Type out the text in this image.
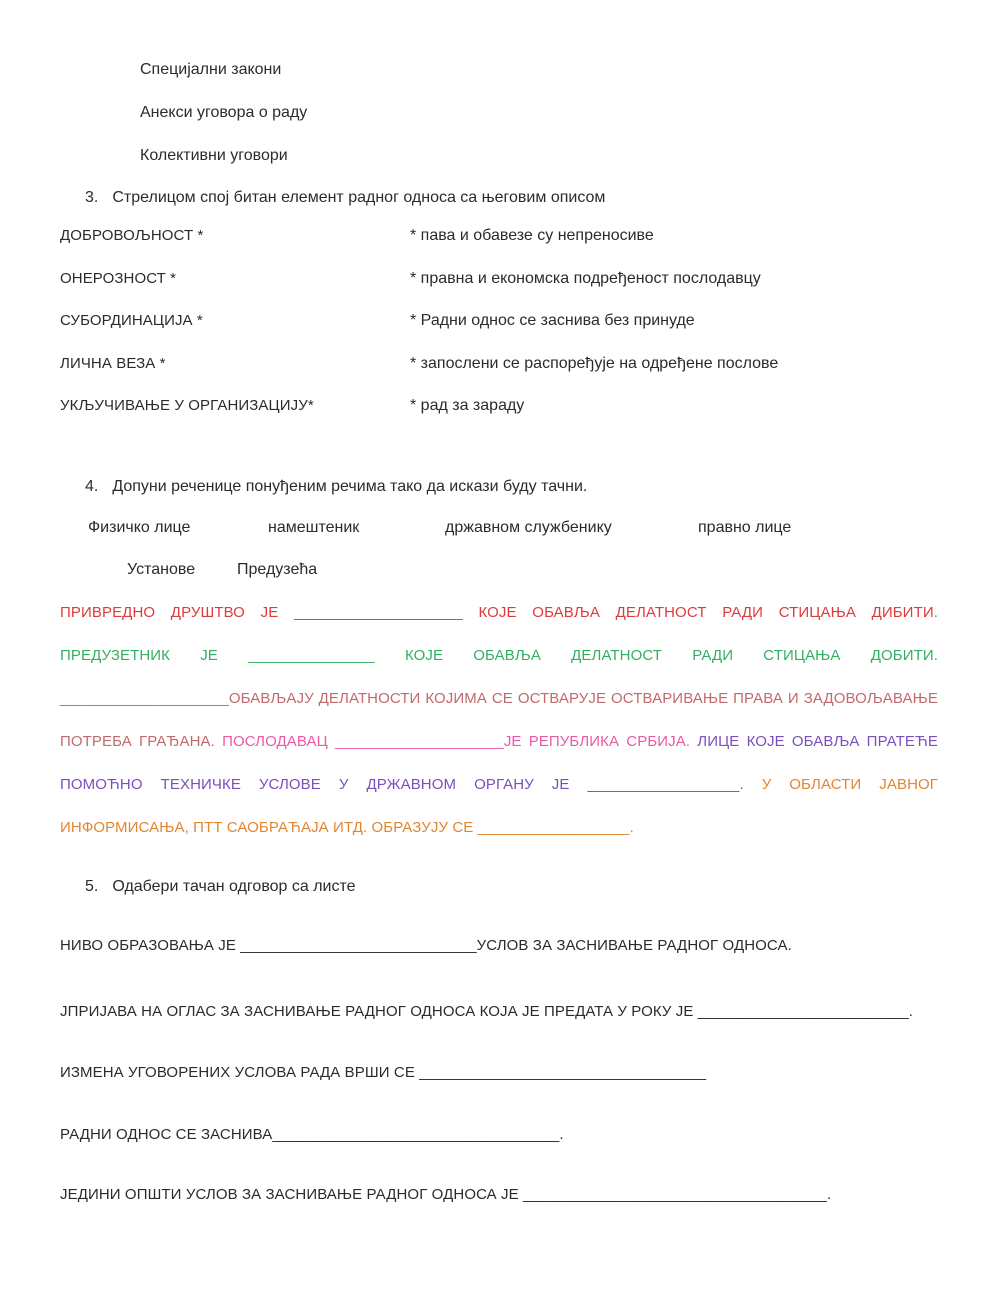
Специјални закони
Анекси уговора о раду
Колективни уговори
3. Стрелицом спој битан елемент радног односа са његовим описом
ДОБРОВОЉНОСТ *	* пава и обавезе су непреносиве
ОНЕРОЗНОСТ *	* правна и економска подређеност послодавцу
СУБОРДИНАЦИЈА *	* Радни однос се заснива без принуде
ЛИЧНА ВЕЗА *	* запослени се распоређује на одређене послове
УКЉУЧИВАЊЕ У ОРГАНИЗАЦИЈУ*	* рад за зараду
4. Допуни реченице понуђеним речима тако да искази буду тачни.
Физичко лице	намештеник	државном службенику	правно лице
Установе	Предузећа
ПРИВРЕДНО ДРУШТВО ЈЕ ____________________ КОЈЕ ОБАВЉА ДЕЛАТНОСТ РАДИ СТИЦАЊА ДИБИТИ.
ПРЕДУЗЕТНИК ЈЕ _______________ КОЈЕ ОБАВЉА ДЕЛАТНОСТ РАДИ СТИЦАЊА ДОБИТИ.
____________________ОБАВЉАЈУ ДЕЛАТНОСТИ КОЈИМА СЕ ОСТВАРУЈЕ ОСТВАРИВАЊЕ ПРАВА И ЗАДОВОЉАВАЊЕ
ПОТРЕБА ГРАЂАНА. ПОСЛОДАВАЦ ____________________ЈЕ РЕПУБЛИКА СРБИЈА. ЛИЦЕ КОЈЕ ОБАВЉА ПРАТЕЋЕ
ПОМОЋНО ТЕХНИЧКЕ УСЛОВЕ У ДРЖАВНОМ ОРГАНУ ЈЕ __________________. У ОБЛАСТИ ЈАВНОГ
ИНФОРМИСАЊА, ПТТ САОБРАЋАЈА ИТД. ОБРАЗУЈУ СЕ __________________.
5. Одабери тачан одговор са листе
НИВО ОБРАЗОВАЊА ЈЕ ____________________________УСЛОВ ЗА ЗАСНИВАЊЕ РАДНОГ ОДНОСА.
ЈПРИЈАВА НА ОГЛАС ЗА ЗАСНИВАЊЕ РАДНОГ ОДНОСА КОЈА ЈЕ ПРЕДАТА У РОКУ ЈЕ _________________________.
ИЗМЕНА УГОВОРЕНИХ УСЛОВА РАДА ВРШИ СЕ __________________________________
РАДНИ ОДНОС СЕ ЗАСНИВА__________________________________.
ЈЕДИНИ ОПШТИ УСЛОВ ЗА ЗАСНИВАЊЕ РАДНОГ ОДНОСА ЈЕ ____________________________________.
